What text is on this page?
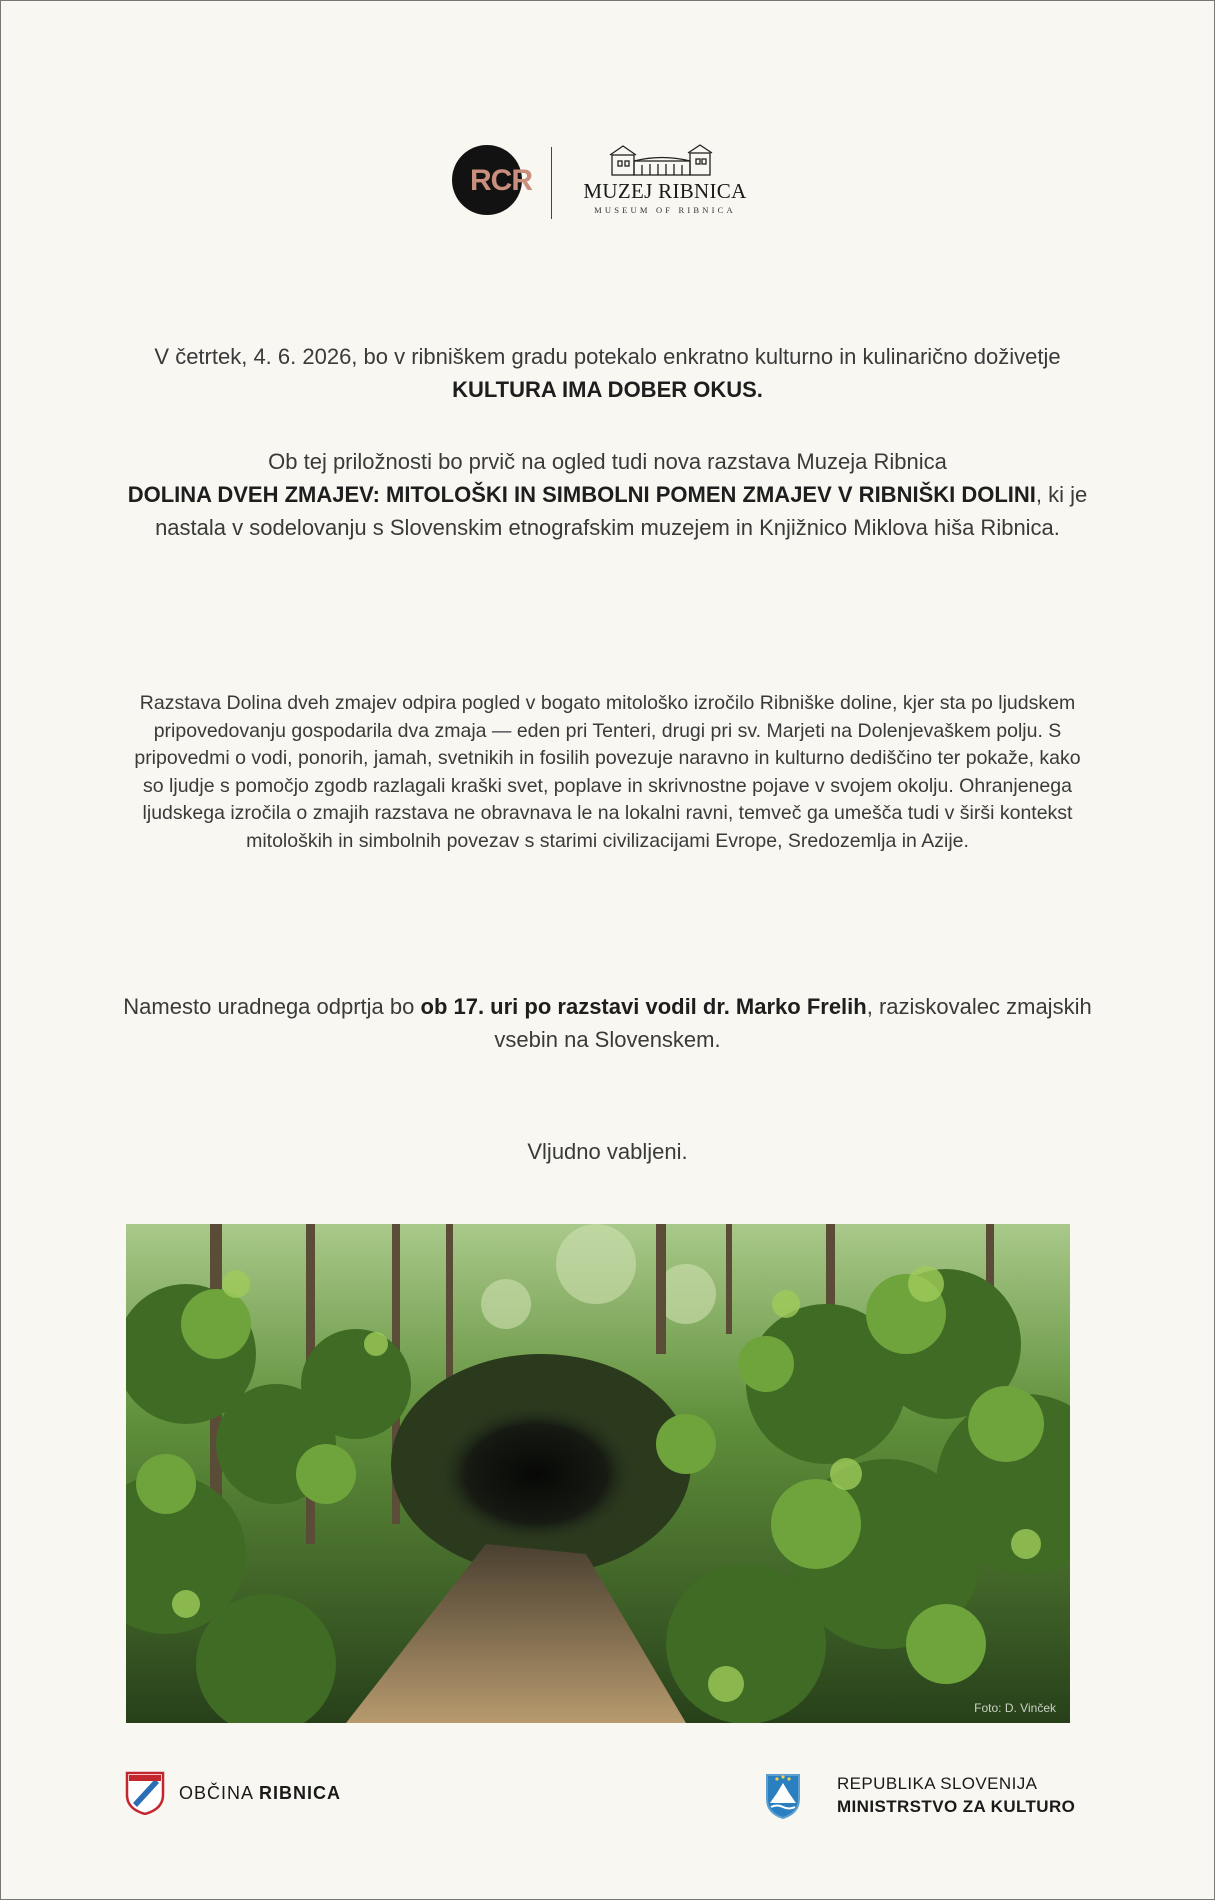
RCR MUZEJ RIBNICA
MUSEUM OF RIBNICA
V četrtek, 4. 6. 2026, bo v ribniškem gradu potekalo enkratno kulturno in kulinarično doživetje KULTURA IMA DOBER OKUS.
Ob tej priložnosti bo prvič na ogled tudi nova razstava Muzeja Ribnica
DOLINA DVEH ZMAJEV: MITOLOŠKI IN SIMBOLNI POMEN ZMAJEV V RIBNIŠKI DOLINI, ki je nastala v sodelovanju s Slovenskim etnografskim muzejem in Knjižnico Miklova hiša Ribnica.
Razstava Dolina dveh zmajev odpira pogled v bogato mitološko izročilo Ribniške doline, kjer sta po ljudskem pripovedovanju gospodarila dva zmaja — eden pri Tenteri, drugi pri sv. Marjeti na Dolenjevaškem polju. S pripovedmi o vodi, ponorih, jamah, svetnikih in fosilih povezuje naravno in kulturno dediščino ter pokaže, kako so ljudje s pomočjo zgodb razlagali kraški svet, poplave in skrivnostne pojave v svojem okolju. Ohranjenega ljudskega izročila o zmajih razstava ne obravnava le na lokalni ravni, temveč ga umešča tudi v širši kontekst mitoloških in simbolnih povezav s starimi civilizacijami Evrope, Sredozemlja in Azije.
Namesto uradnega odprtja bo ob 17. uri po razstavi vodil dr. Marko Frelih, raziskovalec zmajskih vsebin na Slovenskem.
Vljudno vabljeni.
Foto: D. Vinček
OBČINA RIBNICA	REPUBLIKA SLOVENIJA
MINISTRSTVO ZA KULTURO
